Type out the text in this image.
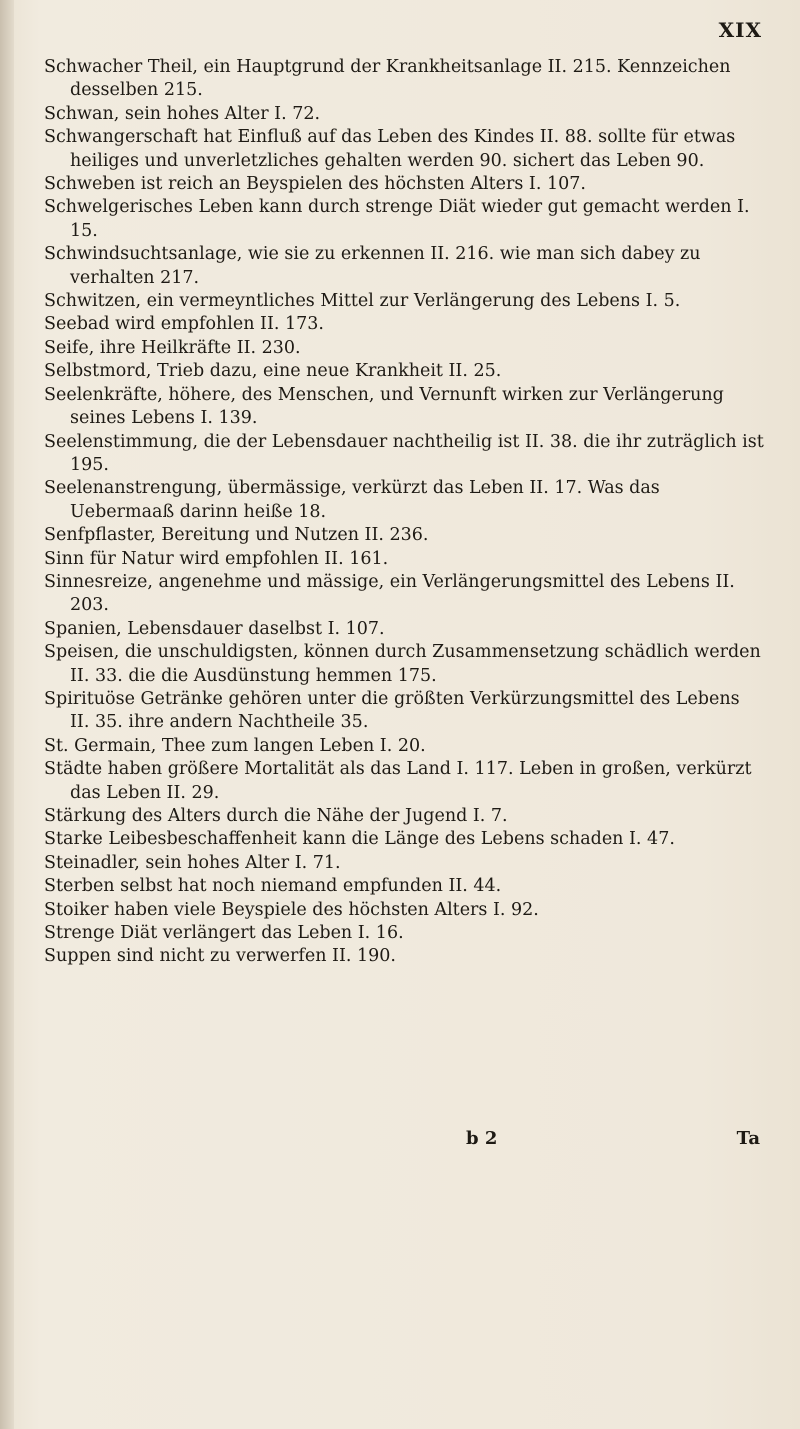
XIX
Schwacher Theil, ein Hauptgrund der Krankheitsanlage II. 215. Kennzeichen desselben 215.
Schwan, sein hohes Alter I. 72.
Schwangerschaft hat Einfluß auf das Leben des Kindes II. 88. sollte für etwas heiliges und unverletzliches gehalten werden 90. sichert das Leben 90.
Schweben ist reich an Beyspielen des höchsten Alters I. 107.
Schwelgerisches Leben kann durch strenge Diät wieder gut gemacht werden I. 15.
Schwindsuchtsanlage, wie sie zu erkennen II. 216. wie man sich dabey zu verhalten 217.
Schwitzen, ein vermeyntliches Mittel zur Verlängerung des Lebens I. 5.
Seebad wird empfohlen II. 173.
Seife, ihre Heilkräfte II. 230.
Selbstmord, Trieb dazu, eine neue Krankheit II. 25.
Seelenkräfte, höhere, des Menschen, und Vernunft wirken zur Verlängerung seines Lebens I. 139.
Seelenstimmung, die der Lebensdauer nachtheilig ist II. 38. die ihr zuträglich ist 195.
Seelenanstrengung, übermässige, verkürzt das Leben II. 17. Was das Uebermaaß darinn heiße 18.
Senfpflaster, Bereitung und Nutzen II. 236.
Sinn für Natur wird empfohlen II. 161.
Sinnesreize, angenehme und mässige, ein Verlängerungsmittel des Lebens II. 203.
Spanien, Lebensdauer daselbst I. 107.
Speisen, die unschuldigsten, können durch Zusammensetzung schädlich werden II. 33. die die Ausdünstung hemmen 175.
Spirituöse Getränke gehören unter die größten Verkürzungsmittel des Lebens II. 35. ihre andern Nachtheile 35.
St. Germain, Thee zum langen Leben I. 20.
Städte haben größere Mortalität als das Land I. 117. Leben in großen, verkürzt das Leben II. 29.
Stärkung des Alters durch die Nähe der Jugend I. 7.
Starke Leibesbeschaffenheit kann die Länge des Lebens schaden I. 47.
Steinadler, sein hohes Alter I. 71.
Sterben selbst hat noch niemand empfunden II. 44.
Stoiker haben viele Beyspiele des höchsten Alters I. 92.
Strenge Diät verlängert das Leben I. 16.
Suppen sind nicht zu verwerfen II. 190.
b 2	Ta
